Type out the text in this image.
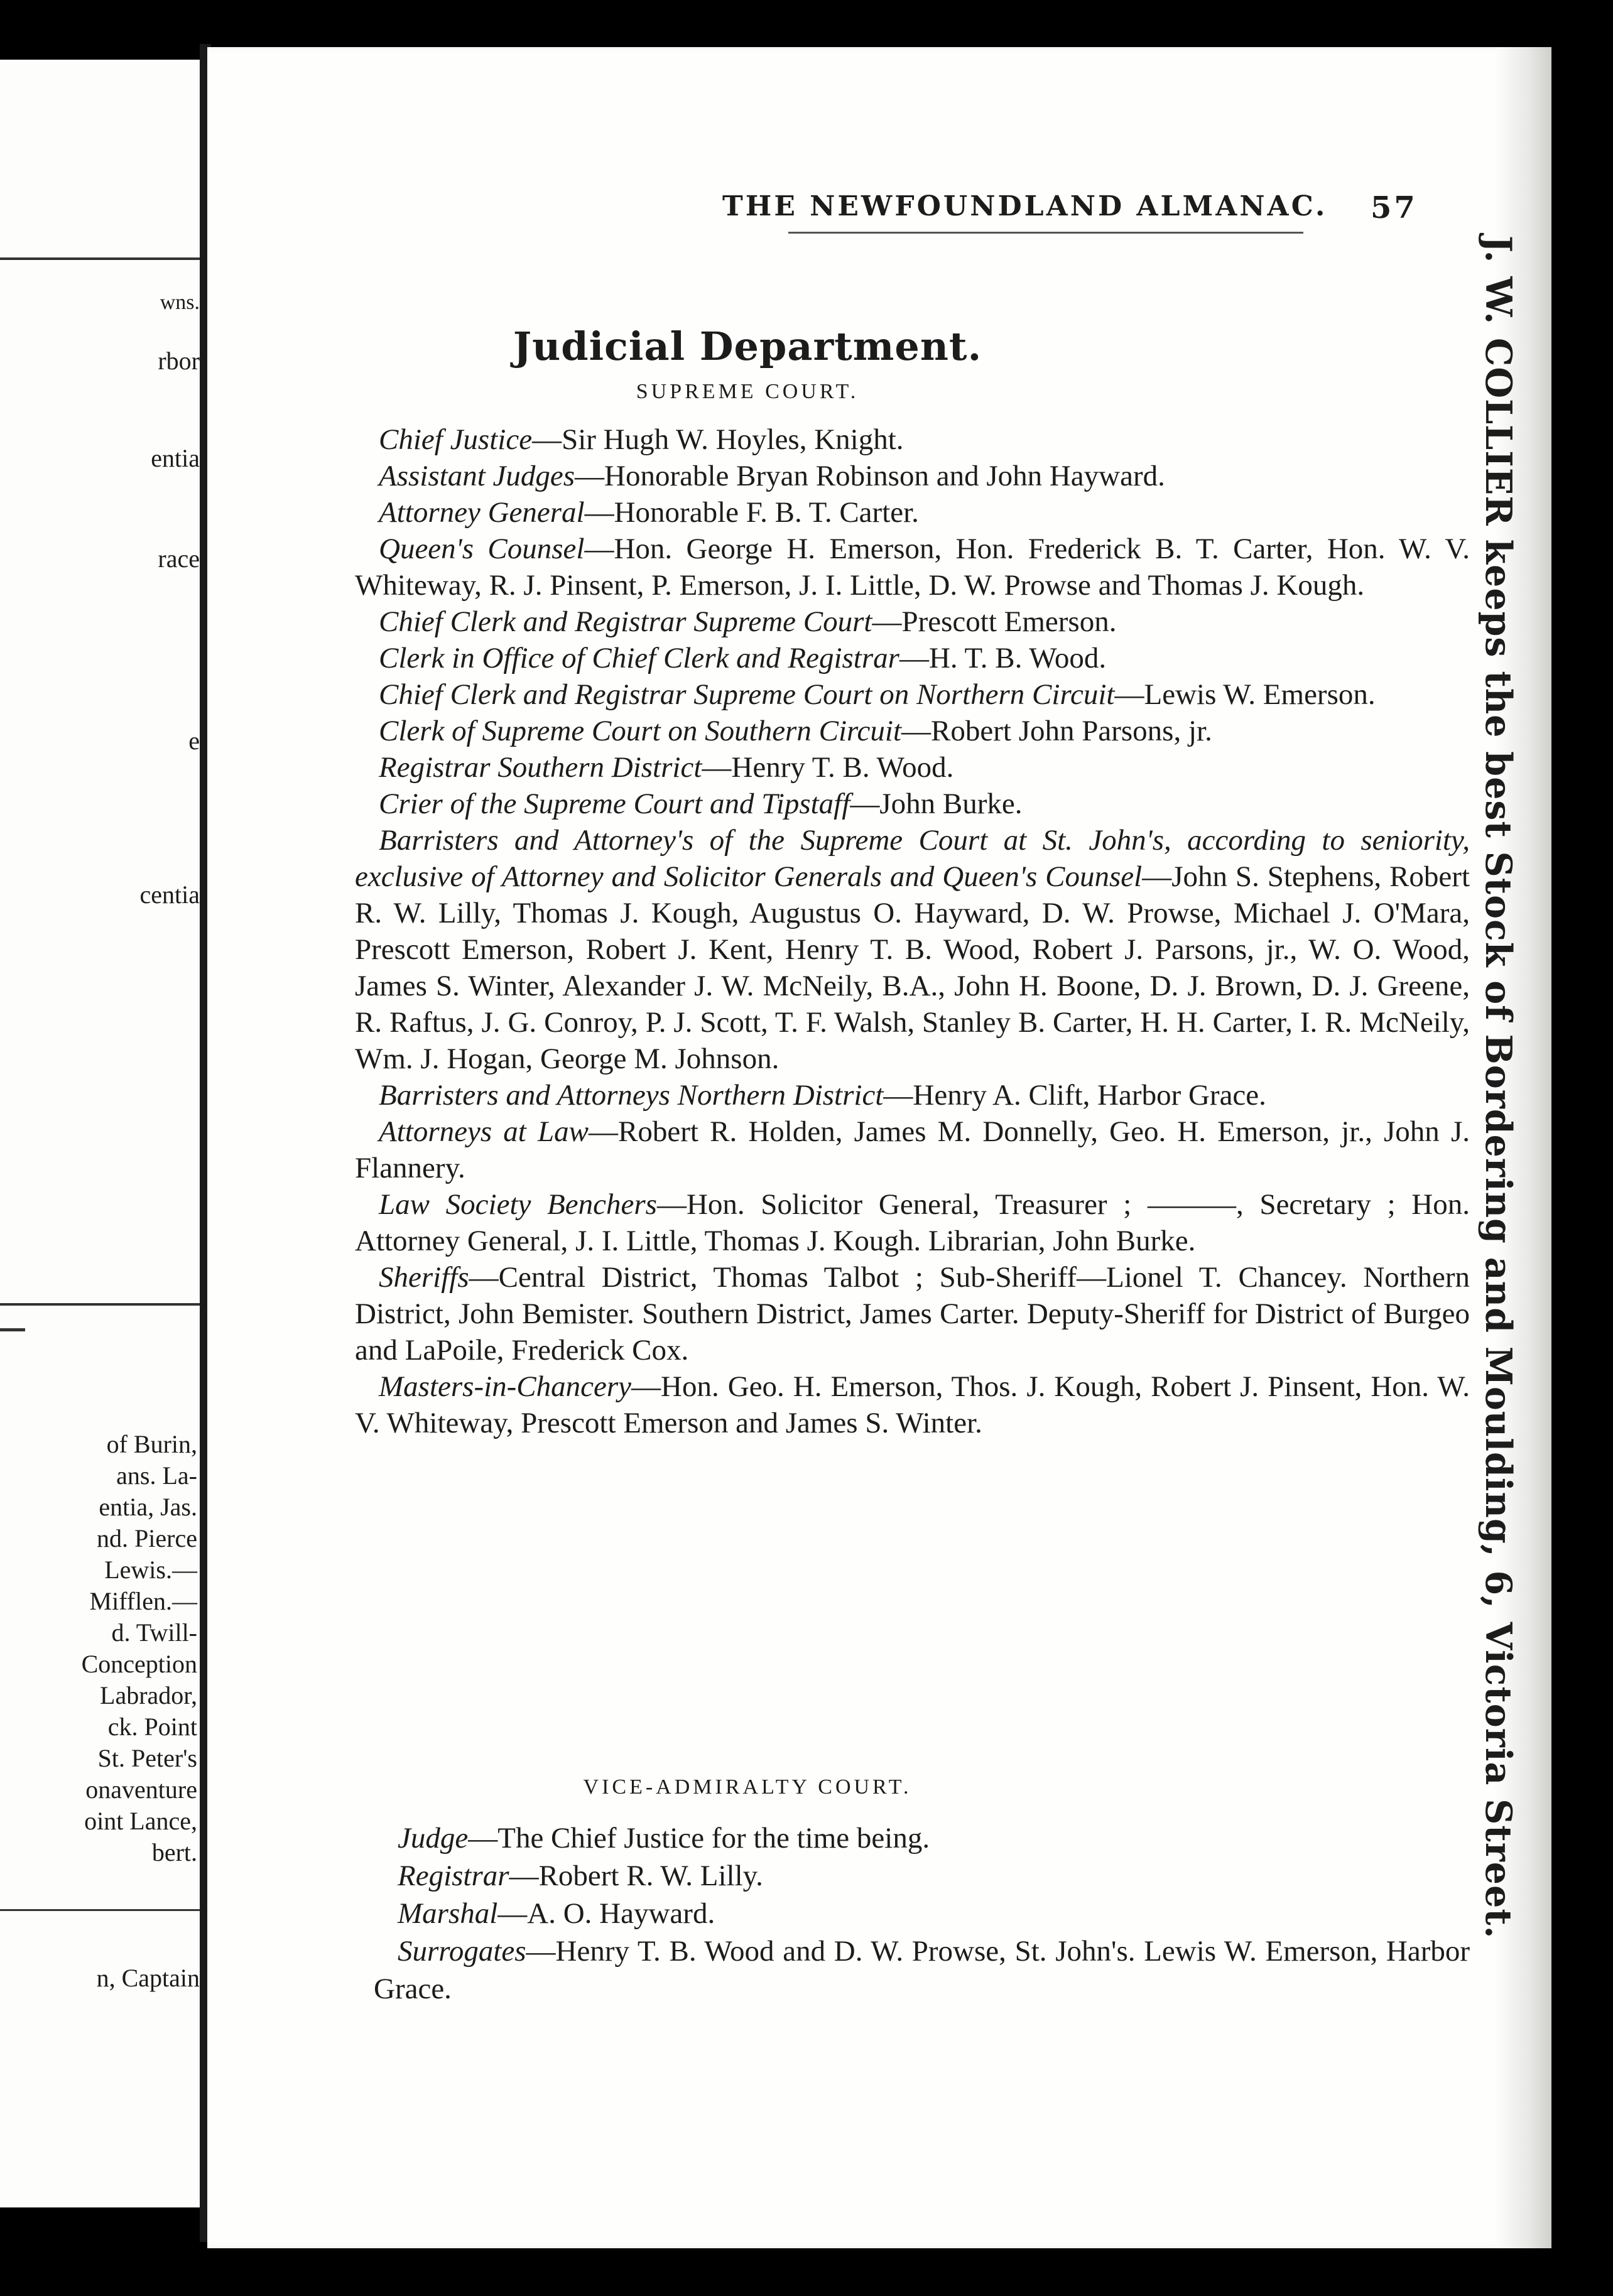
wns.
rbor
entia
race
e
centia
of Burin,
ans. La-
entia, Jas.
nd. Pierce
Lewis.—
Mifflen.—
d. Twill-
Conception
Labrador,
ck. Point
St. Peter's
onaventure
oint Lance,
bert.
n, Captain
THE NEWFOUNDLAND ALMANAC. 57
Judicial Department.
SUPREME COURT.

Chief Justice—Sir Hugh W. Hoyles, Knight.

Assistant Judges—Honorable Bryan Robinson and John Hayward.

Attorney General—Honorable F. B. T. Carter.

Queen's Counsel—Hon. George H. Emerson, Hon. Frederick B. T. Carter, Hon. W. V. Whiteway, R. J. Pinsent, P. Emerson, J. I. Little, D. W. Prowse and Thomas J. Kough.

Chief Clerk and Registrar Supreme Court—Prescott Emerson.

Clerk in Office of Chief Clerk and Registrar—H. T. B. Wood.

Chief Clerk and Registrar Supreme Court on Northern Circuit—Lewis W. Emerson.

Clerk of Supreme Court on Southern Circuit—Robert John Parsons, jr.

Registrar Southern District—Henry T. B. Wood.

Crier of the Supreme Court and Tipstaff—John Burke.

Barristers and Attorney's of the Supreme Court at St. John's, according to seniority, exclusive of Attorney and Solicitor Generals and Queen's Counsel—John S. Stephens, Robert R. W. Lilly, Thomas J. Kough, Augustus O. Hayward, D. W. Prowse, Michael J. O'Mara, Prescott Emerson, Robert J. Kent, Henry T. B. Wood, Robert J. Parsons, jr., W. O. Wood, James S. Winter, Alexander J. W. McNeily, B.A., John H. Boone, D. J. Brown, D. J. Greene, R. Raftus, J. G. Conroy, P. J. Scott, T. F. Walsh, Stanley B. Carter, H. H. Carter, I. R. McNeily, Wm. J. Hogan, George M. Johnson.

Barristers and Attorneys Northern District—Henry A. Clift, Harbor Grace.

Attorneys at Law—Robert R. Holden, James M. Donnelly, Geo. H. Emerson, jr., John J. Flannery.

Law Society Benchers—Hon. Solicitor General, Treasurer ; ———, Secretary ; Hon. Attorney General, J. I. Little, Thomas J. Kough. Librarian, John Burke.

Sheriffs—Central District, Thomas Talbot ; Sub-Sheriff—Lionel T. Chancey. Northern District, John Bemister. Southern District, James Carter. Deputy-Sheriff for District of Burgeo and LaPoile, Frederick Cox.

Masters-in-Chancery—Hon. Geo. H. Emerson, Thos. J. Kough, Robert J. Pinsent, Hon. W. V. Whiteway, Prescott Emerson and James S. Winter.

VICE-ADMIRALTY COURT.

Judge—The Chief Justice for the time being.

Registrar—Robert R. W. Lilly.

Marshal—A. O. Hayward.

Surrogates—Henry T. B. Wood and D. W. Prowse, St. John's. Lewis W. Emerson, Harbor Grace.

J. W. COLLIER keeps the best Stock of Bordering and Moulding, 6, Victoria Street.
